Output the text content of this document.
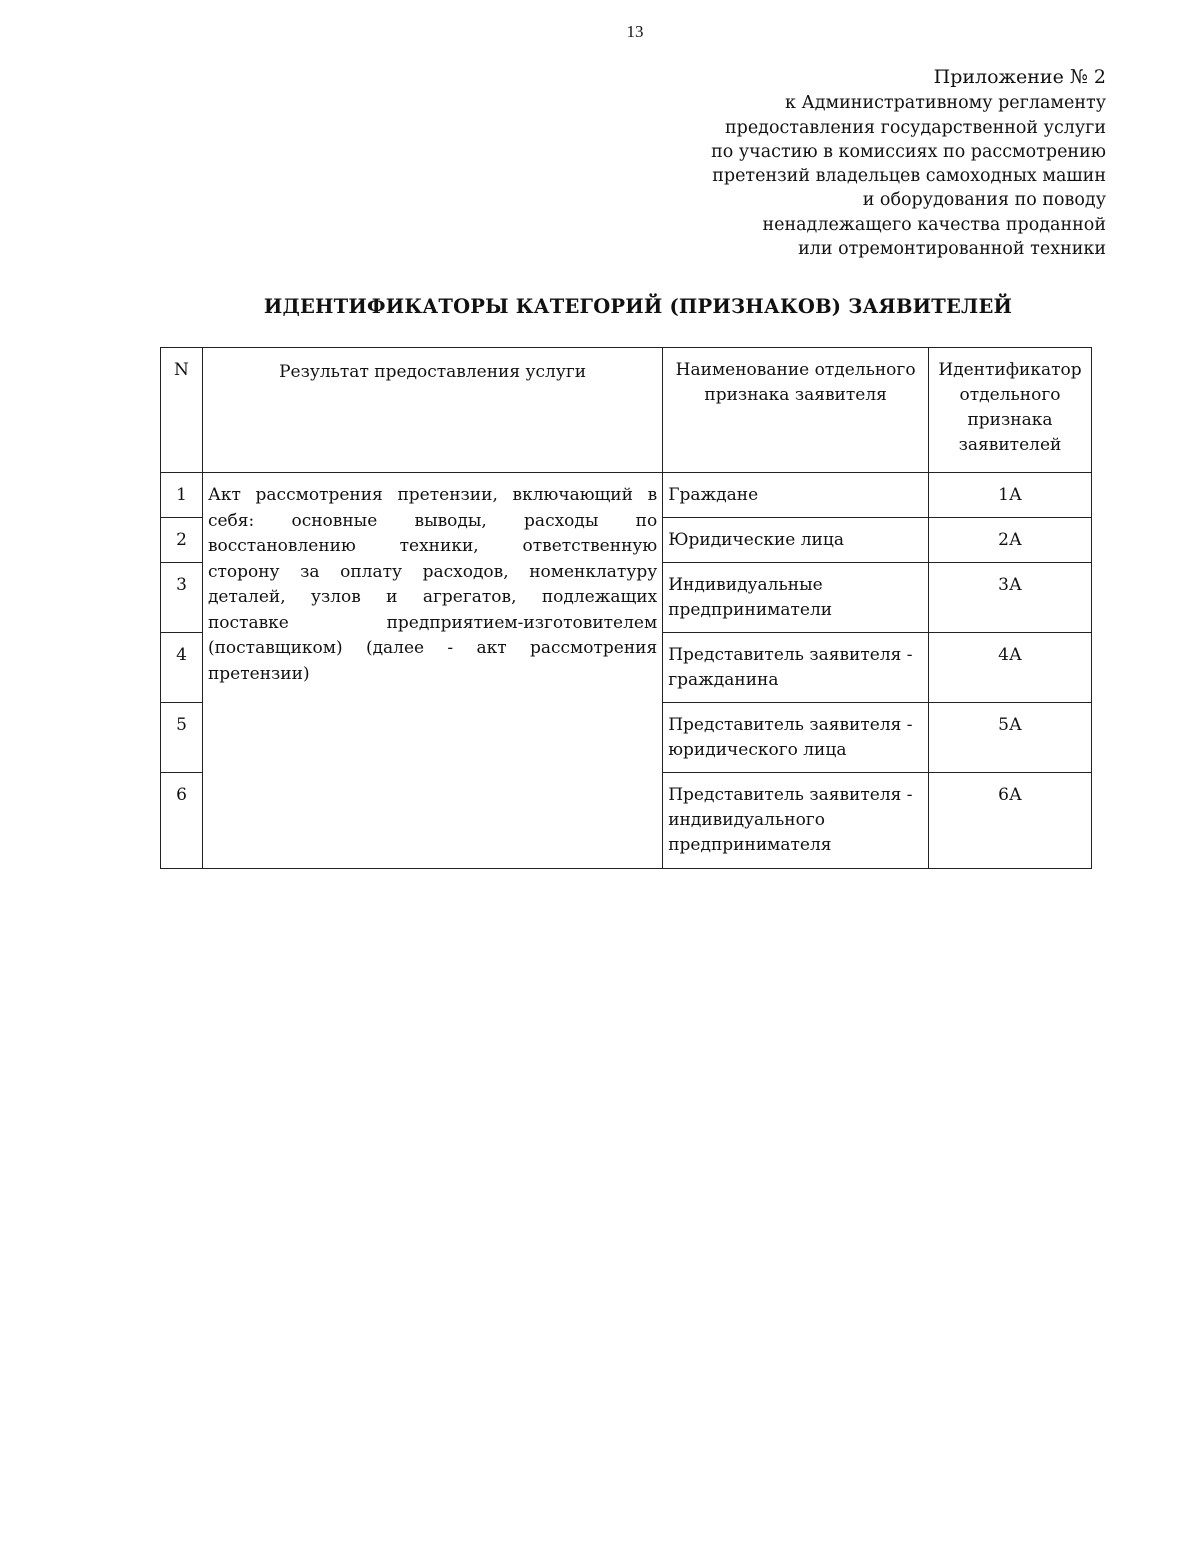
13
Приложение № 2
к Административному регламенту
предоставления государственной услуги
по участию в комиссиях по рассмотрению
претензий владельцев самоходных машин
и оборудования по поводу
ненадлежащего качества проданной
или отремонтированной техники
ИДЕНТИФИКАТОРЫ КАТЕГОРИЙ (ПРИЗНАКОВ) ЗАЯВИТЕЛЕЙ
N	Результат предоставления услуги	Наименование отдельного признака заявителя	Идентификатор отдельного признака заявителей
1	Акт рассмотрения претензии, включающий в себя: основные выводы, расходы по восстановлению техники, ответственную сторону за оплату расходов, номенклатуру деталей, узлов и агрегатов, подлежащих поставке предприятием-изготовителем (поставщиком) (далее - акт рассмотрения претензии)	Граждане	1А
2		Юридические лица	2А
3		Индивидуальные предприниматели	3А
4		Представитель заявителя - гражданина	4А
5		Представитель заявителя - юридического лица	5А
6		Представитель заявителя - индивидуального предпринимателя	6А
